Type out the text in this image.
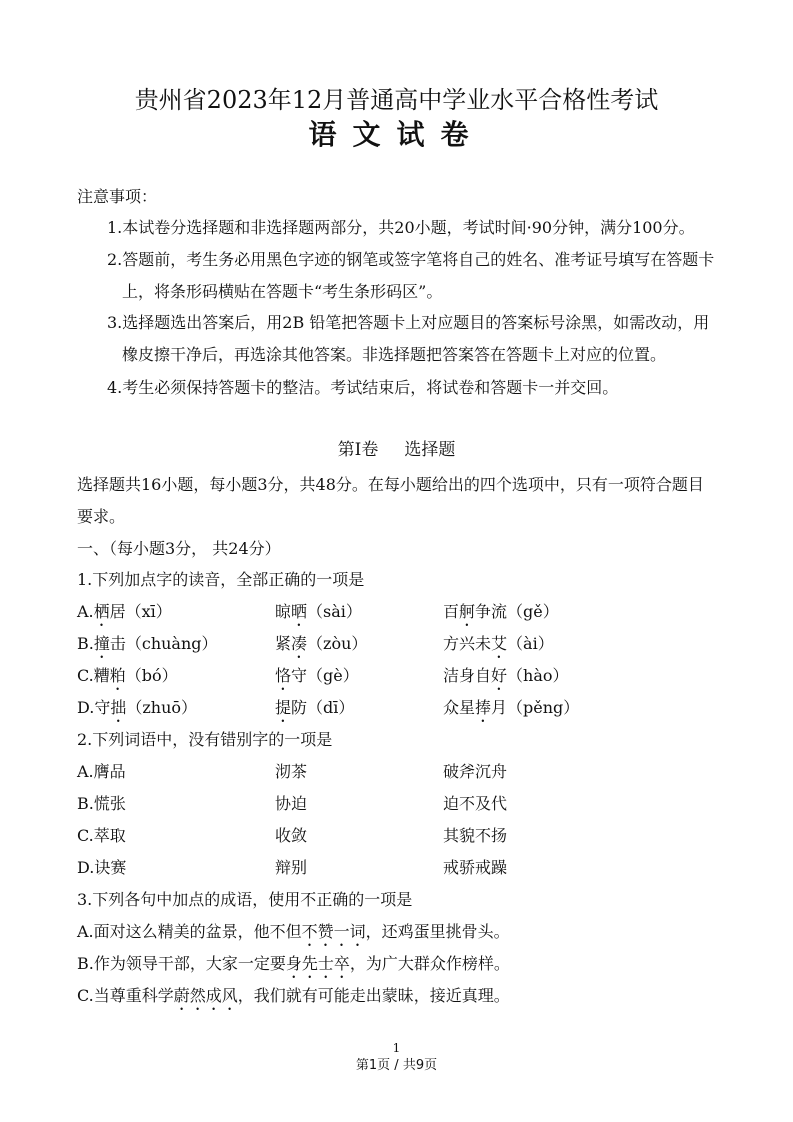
贵州省2023年12月普通高中学业水平合格性考试
语文试卷
注意事项：
1.本试卷分选择题和非选择题两部分，共20小题，考试时间·90分钟，满分100分。
2.答题前，考生务必用黑色字迹的钢笔或签字笔将自己的姓名、准考证号填写在答题卡
上，将条形码横贴在答题卡“考生条形码区”。
3.选择题选出答案后，用2B 铅笔把答题卡上对应题目的答案标号涂黑，如需改动，用
橡皮擦干净后，再选涂其他答案。非选择题把答案答在答题卡上对应的位置。
4.考生必须保持答题卡的整洁。考试结束后，将试卷和答题卡一并交回。
第Ⅰ卷 选择题
选择题共16小题，每小题3分，共48分。在每小题给出的四个选项中，只有一项符合题目
要求。
一、（每小题3分， 共24分）
1.下列加点字的读音，全部正确的一项是
A.栖居（xī）	晾晒（sài）	百舸争流（gě）
B.撞击（chuàng）	紧凑（zòu）	方兴未艾（ài）
C.糟粕（bó）	恪守（gè）	洁身自好（hào）
D.守拙（zhuō）	提防（dī）	众星捧月（pěng）
2.下列词语中，没有错别字的一项是
A.膺品	沏茶	破斧沉舟
B.慌张	协迫	迫不及代
C.萃取	收敛	其貌不扬
D.诀赛	辩别	戒骄戒躁
3.下列各句中加点的成语，使用不正确的一项是
A.面对这么精美的盆景，他不但不赞一词，还鸡蛋里挑骨头。
B.作为领导干部，大家一定要身先士卒，为广大群众作榜样。
C.当尊重科学蔚然成风，我们就有可能走出蒙昧，接近真理。
1
第1页 / 共9页
